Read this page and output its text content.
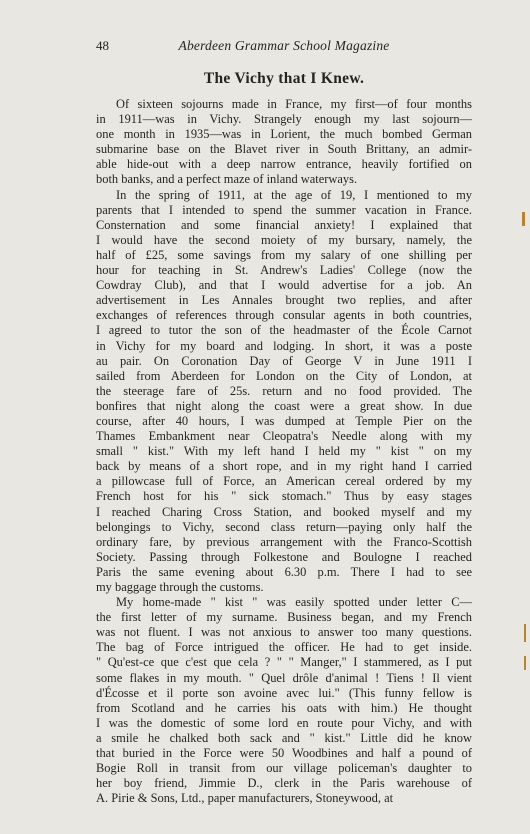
48	Aberdeen Grammar School Magazine
The Vichy that I Knew.
Of sixteen sojourns made in France, my first—of four months
in 1911—was in Vichy. Strangely enough my last sojourn—
one month in 1935—was in Lorient, the much bombed German
submarine base on the Blavet river in South Brittany, an admir-
able hide-out with a deep narrow entrance, heavily fortified on
both banks, and a perfect maze of inland waterways.
In the spring of 1911, at the age of 19, I mentioned to my
parents that I intended to spend the summer vacation in France.
Consternation and some financial anxiety! I explained that
I would have the second moiety of my bursary, namely, the
half of £25, some savings from my salary of one shilling per
hour for teaching in St. Andrew's Ladies' College (now the
Cowdray Club), and that I would advertise for a job. An
advertisement in Les Annales brought two replies, and after
exchanges of references through consular agents in both countries,
I agreed to tutor the son of the headmaster of the École Carnot
in Vichy for my board and lodging. In short, it was a poste
au pair. On Coronation Day of George V in June 1911 I
sailed from Aberdeen for London on the City of London, at
the steerage fare of 25s. return and no food provided. The
bonfires that night along the coast were a great show. In due
course, after 40 hours, I was dumped at Temple Pier on the
Thames Embankment near Cleopatra's Needle along with my
small " kist." With my left hand I held my " kist " on my
back by means of a short rope, and in my right hand I carried
a pillowcase full of Force, an American cereal ordered by my
French host for his " sick stomach." Thus by easy stages
I reached Charing Cross Station, and booked myself and my
belongings to Vichy, second class return—paying only half the
ordinary fare, by previous arrangement with the Franco-Scottish
Society. Passing through Folkestone and Boulogne I reached
Paris the same evening about 6.30 p.m. There I had to see
my baggage through the customs.
My home-made " kist " was easily spotted under letter C—
the first letter of my surname. Business began, and my French
was not fluent. I was not anxious to answer too many questions.
The bag of Force intrigued the officer. He had to get inside.
" Qu'est-ce que c'est que cela ? " " Manger," I stammered, as I put
some flakes in my mouth. " Quel drôle d'animal ! Tiens ! Il vient
d'Écosse et il porte son avoine avec lui." (This funny fellow is
from Scotland and he carries his oats with him.) He thought
I was the domestic of some lord en route pour Vichy, and with
a smile he chalked both sack and " kist." Little did he know
that buried in the Force were 50 Woodbines and half a pound of
Bogie Roll in transit from our village policeman's daughter to
her boy friend, Jimmie D., clerk in the Paris warehouse of
A. Pirie & Sons, Ltd., paper manufacturers, Stoneywood, at
